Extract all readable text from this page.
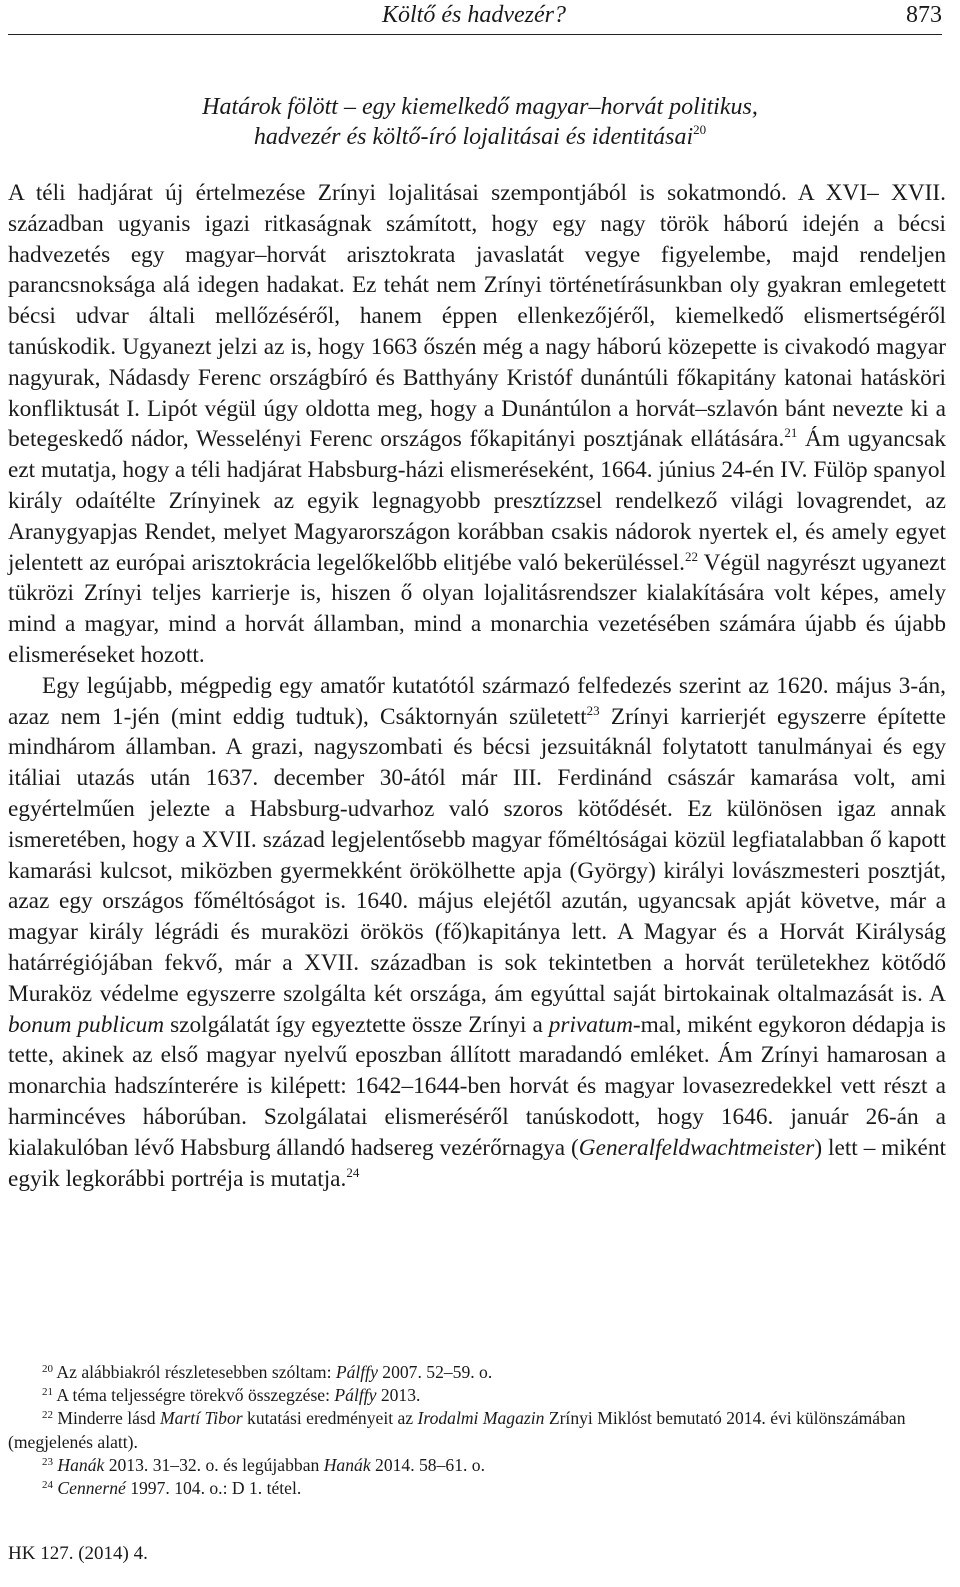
Költő és hadvezér?	873
Határok fölött – egy kiemelkedő magyar–horvát politikus,
hadvezér és költő-író lojalitásai és identitásai$^{20}$

A téli hadjárat új értelmezése Zrínyi lojalitásai szempontjából is sokatmondó. A XVI– XVII. században ugyanis igazi ritkaságnak számított, hogy egy nagy török háború idején a bécsi hadvezetés egy magyar–horvát arisztokrata javaslatát vegye figyelembe, majd rendeljen parancsnoksága alá idegen hadakat. Ez tehát nem Zrínyi történetírásunkban oly gyakran emlegetett bécsi udvar általi mellőzéséről, hanem éppen ellenkezőjéről, kiemelkedő elismertségéről tanúskodik. Ugyanezt jelzi az is, hogy 1663 őszén még a nagy háború közepette is civakodó magyar nagyurak, Nádasdy Ferenc országbíró és Batthyány Kristóf dunántúli főkapitány katonai hatásköri konfliktusát I. Lipót végül úgy oldotta meg, hogy a Dunántúlon a horvát–szlavón bánt nevezte ki a betegeskedő nádor, Wesselényi Ferenc országos főkapitányi posztjának ellátására.$^{21}$ Ám ugyancsak ezt mutatja, hogy a téli hadjárat Habsburg-házi elismeréseként, 1664. június 24-én IV. Fülöp spanyol király odaítélte Zrínyinek az egyik legnagyobb presztízzsel rendelkező világi lovagrendet, az Aranygyapjas Rendet, melyet Magyarországon korábban csakis nádorok nyertek el, és amely egyet jelentett az európai arisztokrácia legelőkelőbb elitjébe való bekerüléssel.$^{22}$ Végül nagyrészt ugyanezt tükrözi Zrínyi teljes karrierje is, hiszen ő olyan lojalitásrendszer kialakítására volt képes, amely mind a magyar, mind a horvát államban, mind a monarchia vezetésében számára újabb és újabb elismeréseket hozott.

Egy legújabb, mégpedig egy amatőr kutatótól származó felfedezés szerint az 1620. május 3-án, azaz nem 1-jén (mint eddig tudtuk), Csáktornyán született$^{23}$ Zrínyi karrierjét egyszerre építette mindhárom államban. A grazi, nagyszombati és bécsi jezsuitáknál folytatott tanulmányai és egy itáliai utazás után 1637. december 30-ától már III. Ferdinánd császár kamarása volt, ami egyértelműen jelezte a Habsburg-udvarhoz való szoros kötődését. Ez különösen igaz annak ismeretében, hogy a XVII. század legjelentősebb magyar főméltóságai közül legfiatalabban ő kapott kamarási kulcsot, miközben gyermekként örökölhette apja (György) királyi lovászmesteri posztját, azaz egy országos főméltóságot is. 1640. május elejétől azután, ugyancsak apját követve, már a magyar király légrádi és muraközi örökös (fő)kapitánya lett. A Magyar és a Horvát Királyság határrégiójában fekvő, már a XVII. században is sok tekintetben a horvát területekhez kötődő Muraköz védelme egyszerre szolgálta két országa, ám egyúttal saját birtokainak oltalmazását is. A bonum publicum szolgálatát így egyeztette össze Zrínyi a privatum-mal, miként egykoron dédapja is tette, akinek az első magyar nyelvű eposzban állított maradandó emléket. Ám Zrínyi hamarosan a monarchia hadszínterére is kilépett: 1642–1644-ben horvát és magyar lovasezredekkel vett részt a harmincéves háborúban. Szolgálatai elismeréséről tanúskodott, hogy 1646. január 26-án a kialakulóban lévő Habsburg állandó hadsereg vezérőrnagya (Generalfeldwachtmeister) lett – miként egyik legkorábbi portréja is mutatja.$^{24}$

$^{20}$ Az alábbiakról részletesebben szóltam: Pálffy 2007. 52–59. o.

$^{21}$ A téma teljességre törekvő összegzése: Pálffy 2013.

$^{22}$ Minderre lásd Martí Tibor kutatási eredményeit az Irodalmi Magazin Zrínyi Miklóst bemutató 2014. évi különszámában (megjelenés alatt).

$^{23}$ Hanák 2013. 31–32. o. és legújabban Hanák 2014. 58–61. o.

$^{24}$ Cennerné 1997. 104. o.: D 1. tétel.

HK 127. (2014) 4.
